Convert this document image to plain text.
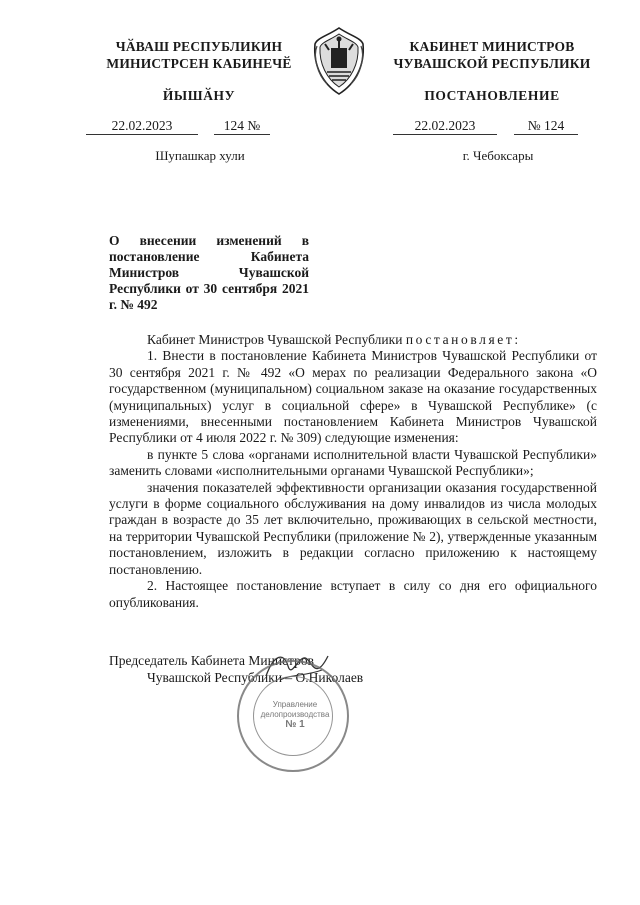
ЧӐВАШ РЕСПУБЛИКИН
МИНИСТРСЕН КАБИНЕЧӖ
ЙЫШӐНУ
КАБИНЕТ МИНИСТРОВ
ЧУВАШСКОЙ РЕСПУБЛИКИ
ПОСТАНОВЛЕНИЕ
22.02.2023	124 №	22.02.2023	№ 124
Шупашкар хули	г. Чебоксары
О внесении изменений в постановление Кабинета Министров Чувашской Республики от 30 сентября 2021 г. № 492

Кабинет Министров Чувашской Республики постановляет:

1. Внести в постановление Кабинета Министров Чувашской Республики от 30 сентября 2021 г. № 492 «О мерах по реализации Федерального закона «О государственном (муниципальном) социальном заказе на оказание государственных (муниципальных) услуг в социальной сфере» в Чувашской Республике» (с изменениями, внесенными постановлением Кабинета Министров Чувашской Республики от 4 июля 2022 г. № 309) следующие изменения:

в пункте 5 слова «органами исполнительной власти Чувашской Республики» заменить словами «исполнительными органами Чувашской Республики»;

значения показателей эффективности организации оказания государственной услуги в форме социального обслуживания на дому инвалидов из числа молодых граждан в возрасте до 35 лет включительно, проживающих в сельской местности, на территории Чувашской Республики (приложение № 2), утвержденные указанным постановлением, изложить в редакции согласно приложению к настоящему постановлению.

2. Настоящее постановление вступает в силу со дня его официального опубликования.

Председатель Кабинета Министров
Чувашской Республики – О.Николаев
Управление
делопроизводства
№ 1
